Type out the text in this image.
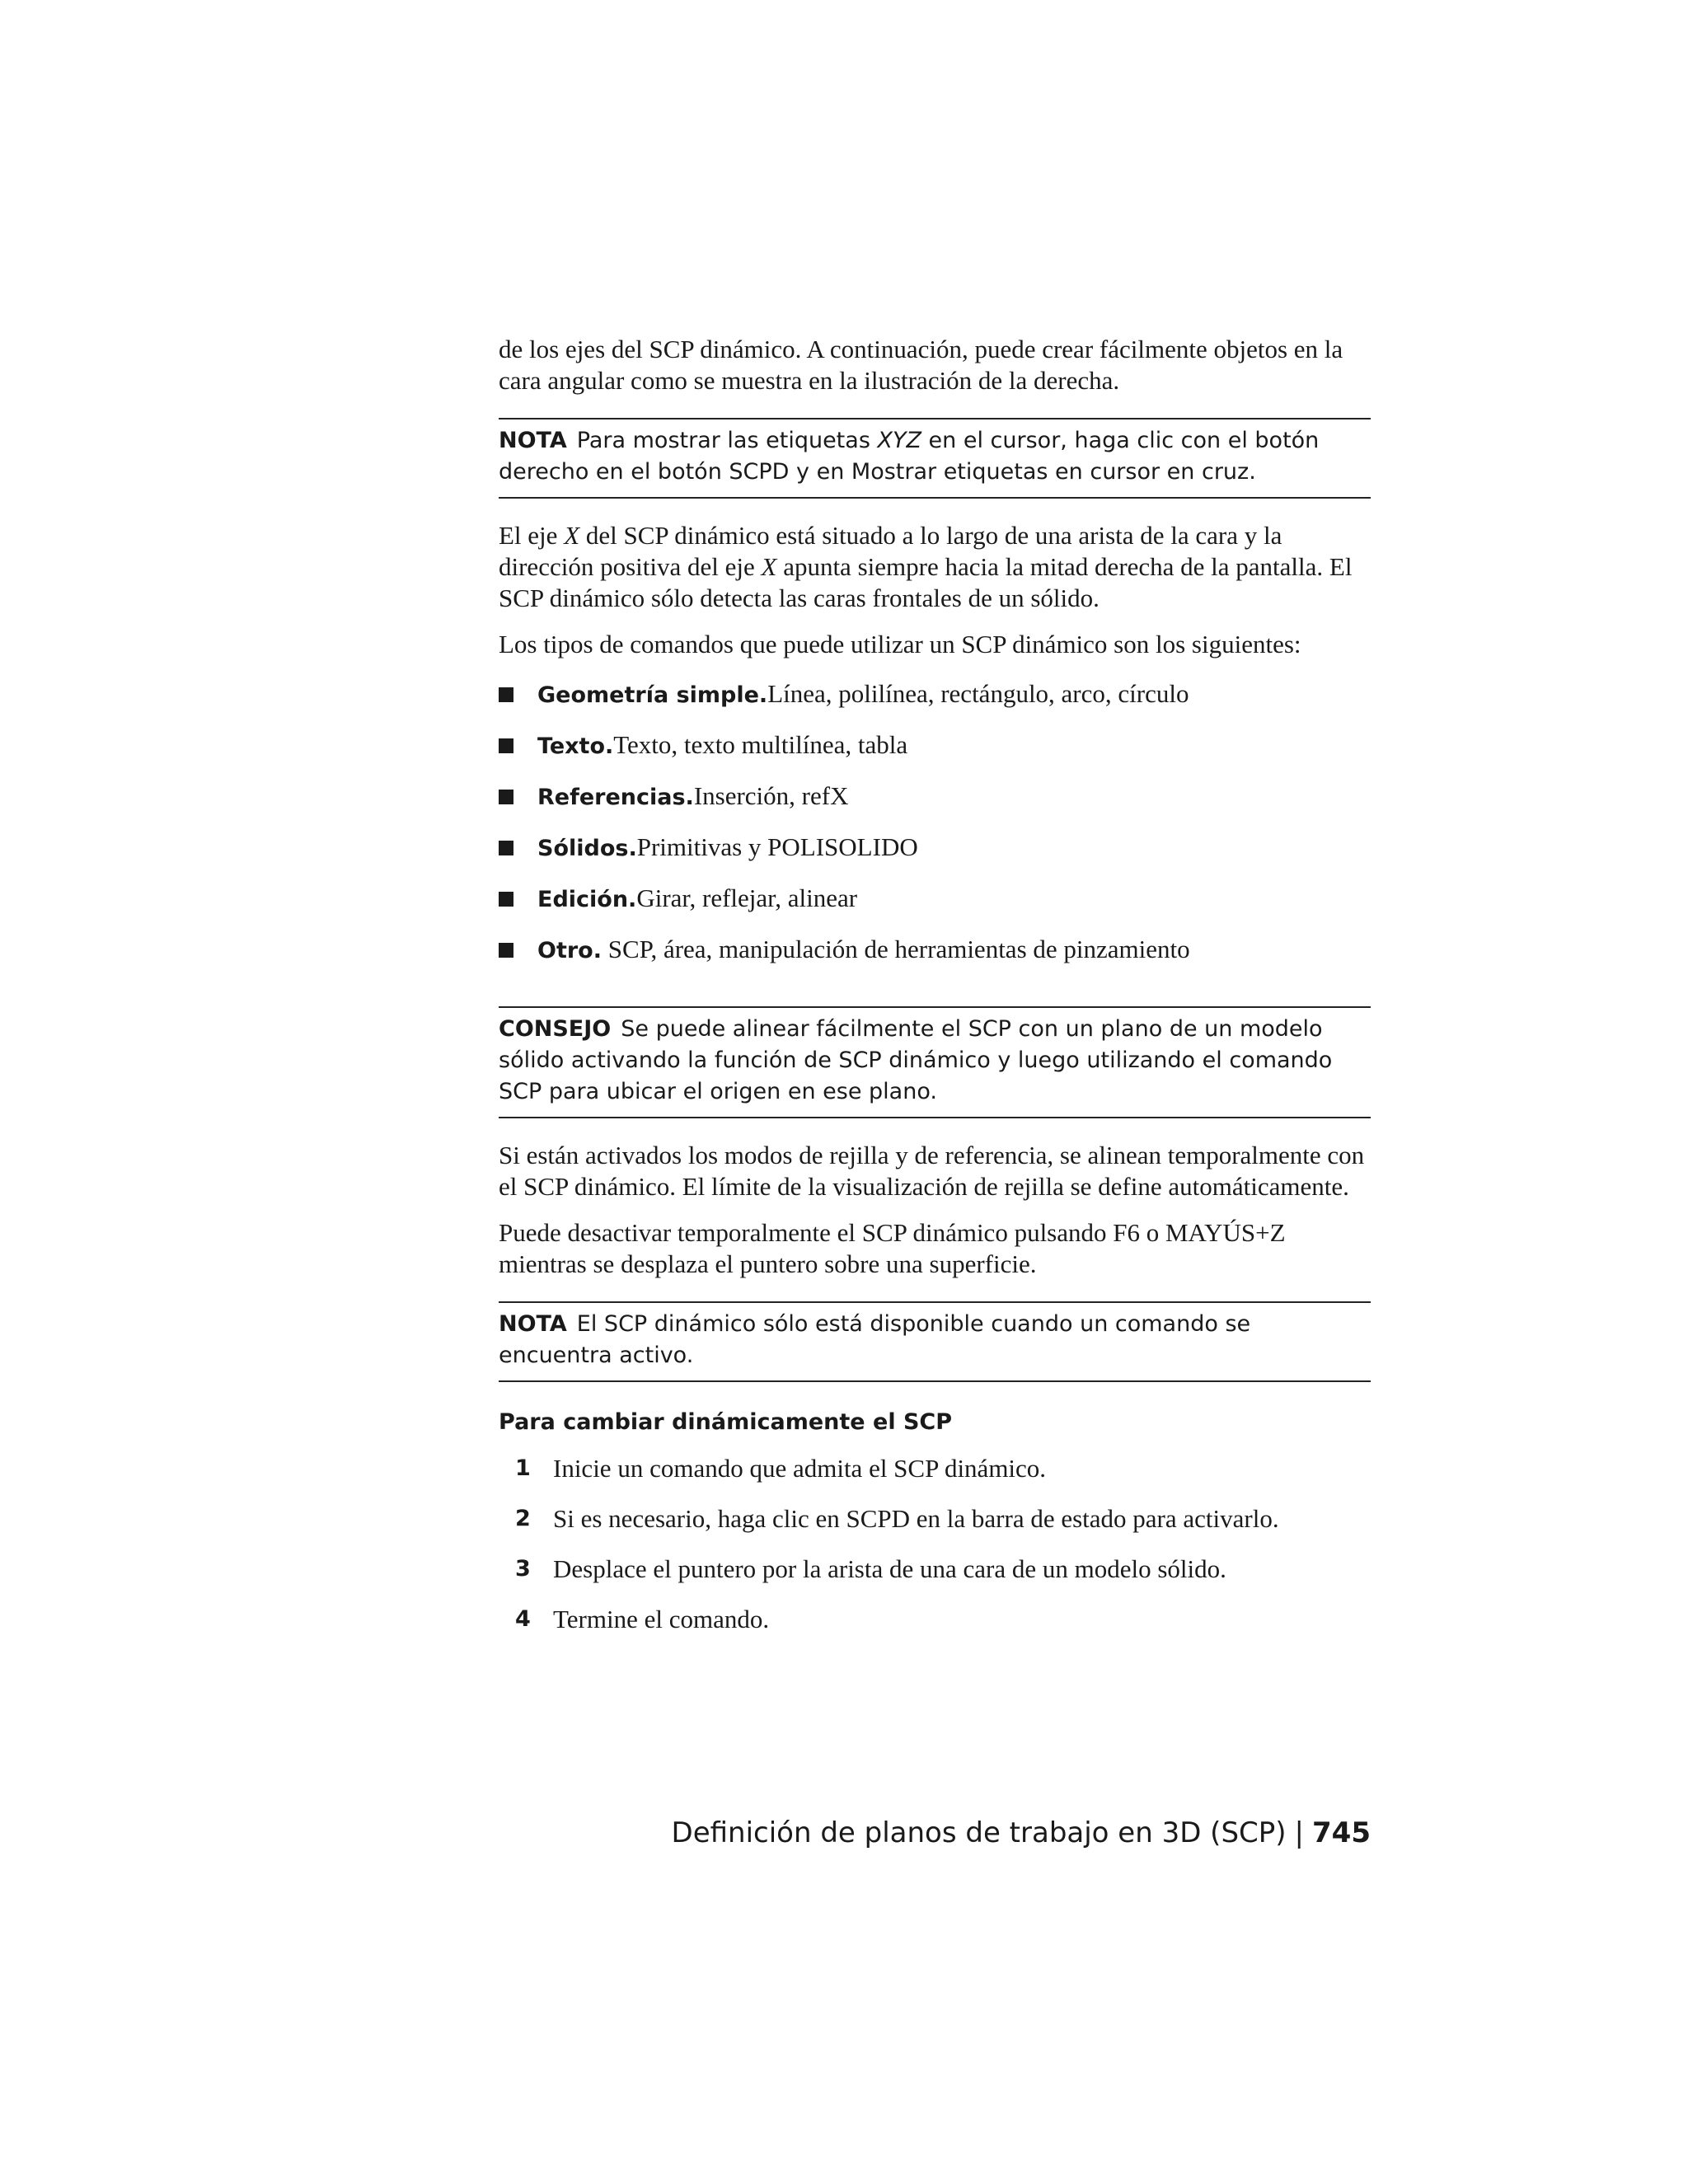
de los ejes del SCP dinámico. A continuación, puede crear fácilmente objetos en la cara angular como se muestra en la ilustración de la derecha.

NOTA Para mostrar las etiquetas XYZ en el cursor, haga clic con el botón derecho en el botón SCPD y en Mostrar etiquetas en cursor en cruz.

El eje X del SCP dinámico está situado a lo largo de una arista de la cara y la dirección positiva del eje X apunta siempre hacia la mitad derecha de la pantalla. El SCP dinámico sólo detecta las caras frontales de un sólido.

Los tipos de comandos que puede utilizar un SCP dinámico son los siguientes:

Geometría simple.Línea, polilínea, rectángulo, arco, círculo
Texto.Texto, texto multilínea, tabla
Referencias.Inserción, refX
Sólidos.Primitivas y POLISOLIDO
Edición.Girar, reflejar, alinear
Otro. SCP, área, manipulación de herramientas de pinzamiento
CONSEJO Se puede alinear fácilmente el SCP con un plano de un modelo sólido activando la función de SCP dinámico y luego utilizando el comando SCP para ubicar el origen en ese plano.

Si están activados los modos de rejilla y de referencia, se alinean temporalmente con el SCP dinámico. El límite de la visualización de rejilla se define automáticamente.

Puede desactivar temporalmente el SCP dinámico pulsando F6 o MAYÚS+Z mientras se desplaza el puntero sobre una superficie.

NOTA El SCP dinámico sólo está disponible cuando un comando se encuentra activo.

Para cambiar dinámicamente el SCP

1 Inicie un comando que admita el SCP dinámico.
2 Si es necesario, haga clic en SCPD en la barra de estado para activarlo.
3 Desplace el puntero por la arista de una cara de un modelo sólido.
4 Termine el comando.
Definición de planos de trabajo en 3D (SCP) | 745
